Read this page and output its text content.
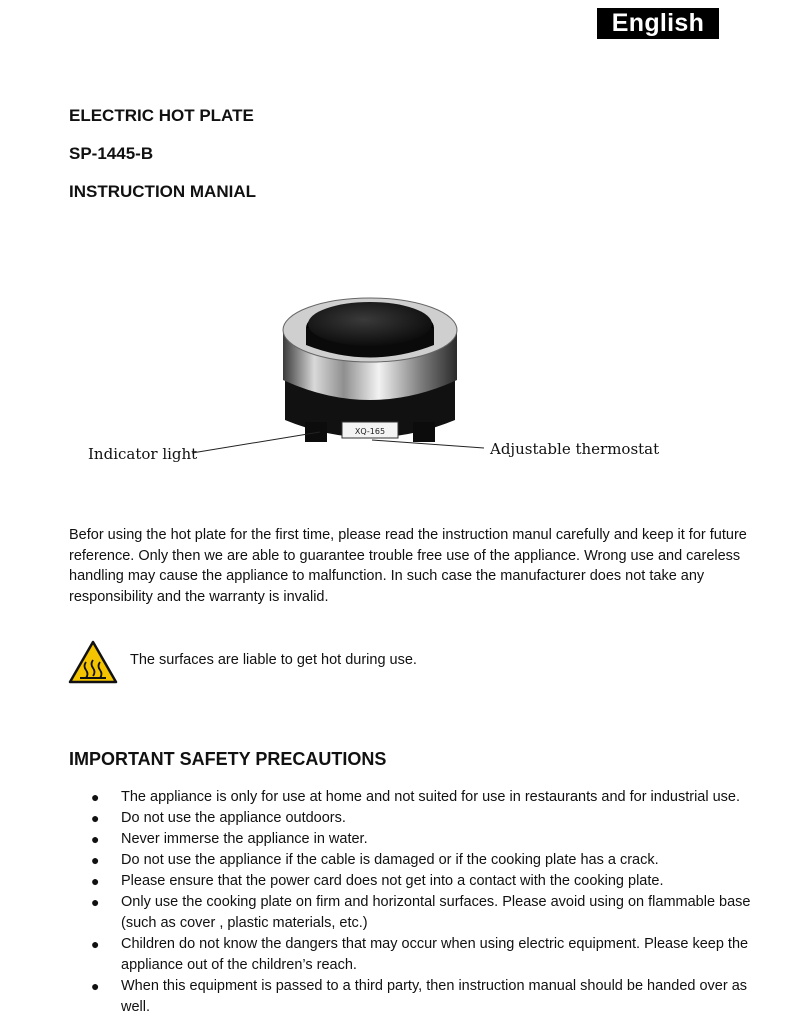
English
ELECTRIC HOT PLATE
SP-1445-B
INSTRUCTION MANIAL
XQ-165
Indicator light	Adjustable thermostat

Befor using the hot plate for the first time, please read the instruction manul carefully and keep it for future reference. Only then we are able to guarantee trouble free use of the appliance. Wrong use and careless handling may cause the appliance to malfunction. In such case the manufacturer does not take any responsibility and the warranty is invalid.

The surfaces are liable to get hot during use.

IMPORTANT SAFETY PRECAUTIONS
● The appliance is only for use at home and not suited for use in restaurants and for industrial use.
● Do not use the appliance outdoors.
● Never immerse the appliance in water.
● Do not use the appliance if the cable is damaged or if the cooking plate has a crack.
● Please ensure that the power card does not get into a contact with the cooking plate.
● Only use the cooking plate on firm and horizontal surfaces. Please avoid using on flammable base (such as cover , plastic materials, etc.)
● Children do not know the dangers that may occur when using electric equipment. Please keep the appliance out of the children’s reach.
● When this equipment is passed to a third party, then instruction manual should be handed over as well.
